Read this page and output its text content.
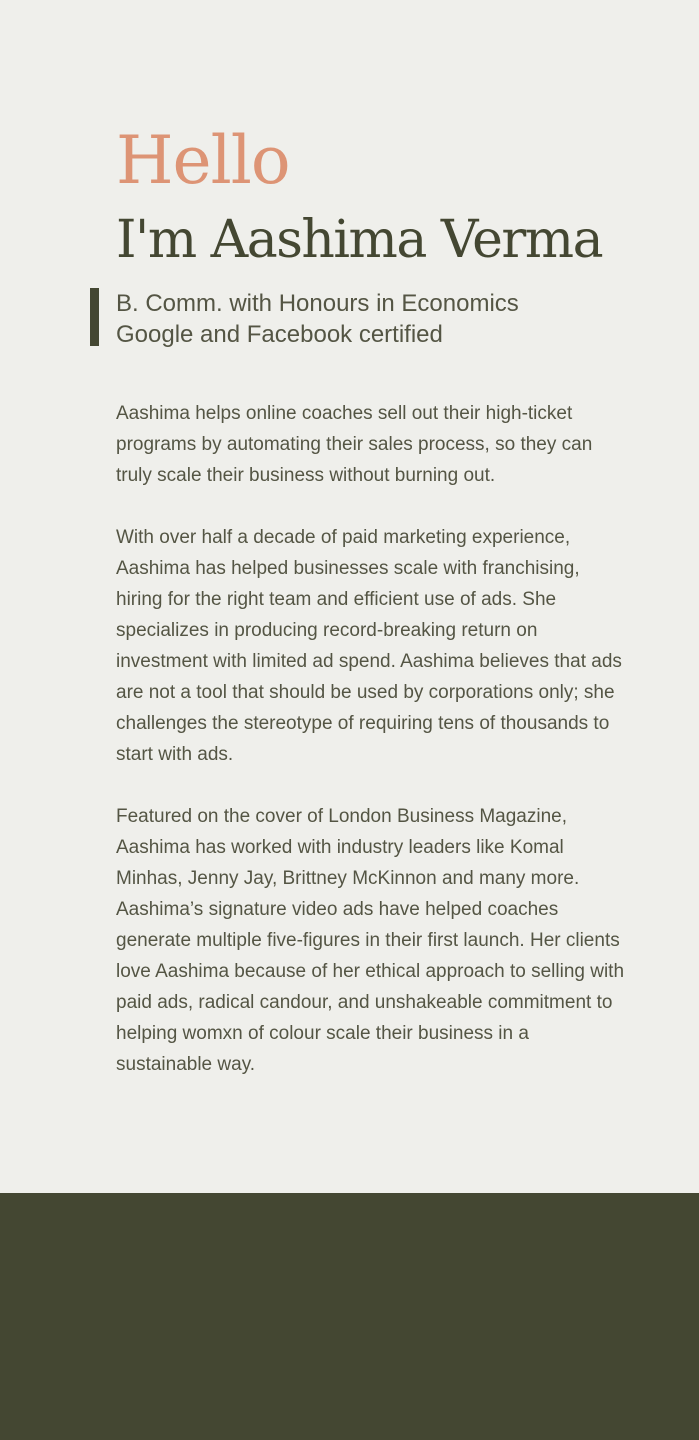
Hello
I'm Aashima Verma

B. Comm. with Honours in Economics

Google and Facebook certified

Aashima helps online coaches sell out their high-ticket programs by automating their sales process, so they can truly scale their business without burning out.

With over half a decade of paid marketing experience, Aashima has helped businesses scale with franchising, hiring for the right team and efficient use of ads. She specializes in producing record-breaking return on investment with limited ad spend. Aashima believes that ads are not a tool that should be used by corporations only; she challenges the stereotype of requiring tens of thousands to start with ads.

Featured on the cover of London Business Magazine, Aashima has worked with industry leaders like Komal Minhas, Jenny Jay, Brittney McKinnon and many more. Aashima’s signature video ads have helped coaches generate multiple five-figures in their first launch. Her clients love Aashima because of her ethical approach to selling with paid ads, radical candour, and unshakeable commitment to helping womxn of colour scale their business in a sustainable way.
